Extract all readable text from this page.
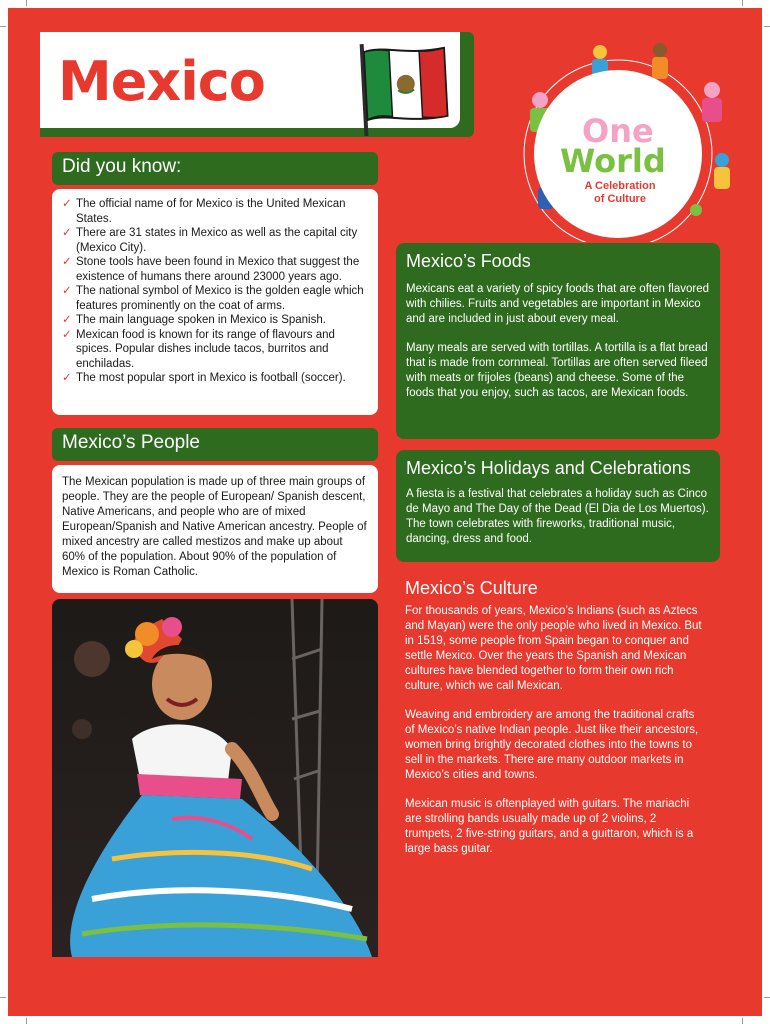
Mexico
One
World
A Celebration
of Culture
Did you know:
✓ The official name of for Mexico is the United Mexican States.
✓ There are 31 states in Mexico as well as the capital city (Mexico City).
✓ Stone tools have been found in Mexico that suggest the existence of humans there around 23000 years ago.
✓ The national symbol of Mexico is the golden eagle which features prominently on the coat of arms.
✓ The main language spoken in Mexico is Spanish.
✓ Mexican food is known for its range of flavours and spices. Popular dishes include tacos, burritos and enchiladas.
✓ The most popular sport in Mexico is football (soccer).
Mexico’s People
The Mexican population is made up of three main groups of people. They are the people of European/ Spanish descent, Native Americans, and people who are of mixed European/Spanish and Native American ancestry. People of mixed ancestry are called mestizos and make up about 60% of the population. About 90% of the population of Mexico is Roman Catholic.
Mexico’s Foods

Mexicans eat a variety of spicy foods that are often flavored with chilies. Fruits and vegetables are important in Mexico and are included in just about every meal.

Many meals are served with tortillas. A tortilla is a flat bread that is made from cornmeal. Tortillas are often served fileed with meats or frijoles (beans) and cheese. Some of the foods that you enjoy, such as tacos, are Mexican foods.

Mexico’s Holidays and Celebrations

A fiesta is a festival that celebrates a holiday such as Cinco de Mayo and The Day of the Dead (El Dia de Los Muertos). The town celebrates with fireworks, traditional music, dancing, dress and food.

Mexico’s Culture

For thousands of years, Mexico’s Indians (such as Aztecs and Mayan) were the only people who lived in Mexico. But in 1519, some people from Spain began to conquer and settle Mexico. Over the years the Spanish and Mexican cultures have blended together to form their own rich culture, which we call Mexican.

Weaving and embroidery are among the traditional crafts of Mexico’s native Indian people. Just like their ancestors, women bring brightly decorated clothes into the towns to sell in the markets. There are many outdoor markets in Mexico’s cities and towns.

Mexican music is oftenplayed with guitars. The mariachi are strolling bands usually made up of 2 violins, 2 trumpets, 2 five-string guitars, and a guittaron, which is a large bass guitar.
